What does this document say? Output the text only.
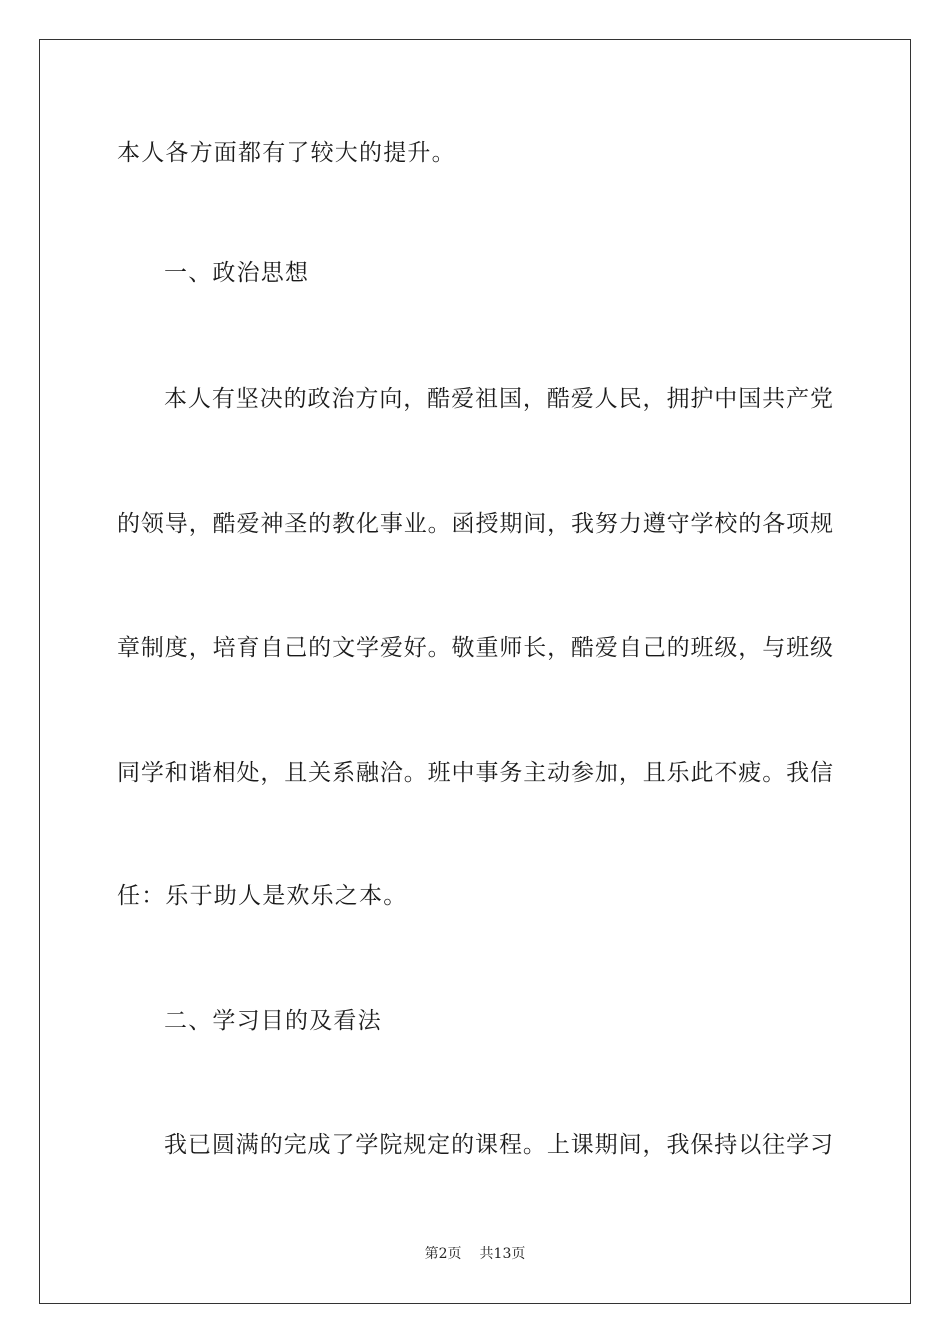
本人各方面都有了较大的提升。
一、政治思想
本人有坚决的政治方向，酷爱祖国，酷爱人民，拥护中国共产党
的领导，酷爱神圣的教化事业。函授期间，我努力遵守学校的各项规
章制度，培育自己的文学爱好。敬重师长，酷爱自己的班级，与班级
同学和谐相处，且关系融洽。班中事务主动参加，且乐此不疲。我信
任：乐于助人是欢乐之本。
二、学习目的及看法
我已圆满的完成了学院规定的课程。上课期间，我保持以往学习
第2页 共13页
